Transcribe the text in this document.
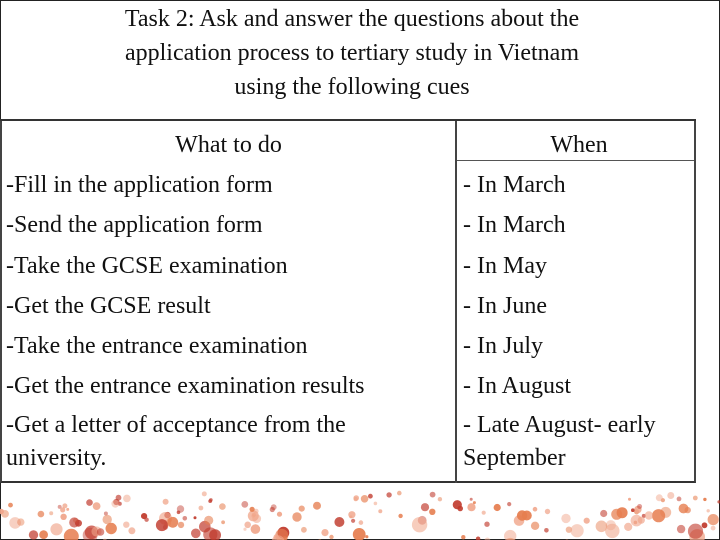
Task 2: Ask and answer the questions about the
application process to tertiary study in Vietnam
using the following cues
What to do
-Fill in the application form
-Send the application form
-Take the GCSE examination
-Get the GCSE result
-Take the entrance examination
-Get the entrance examination results
-Get a letter of acceptance from the
university.
When
- In March
- In March
- In May
- In June
- In July
- In August
- Late August- early
September
